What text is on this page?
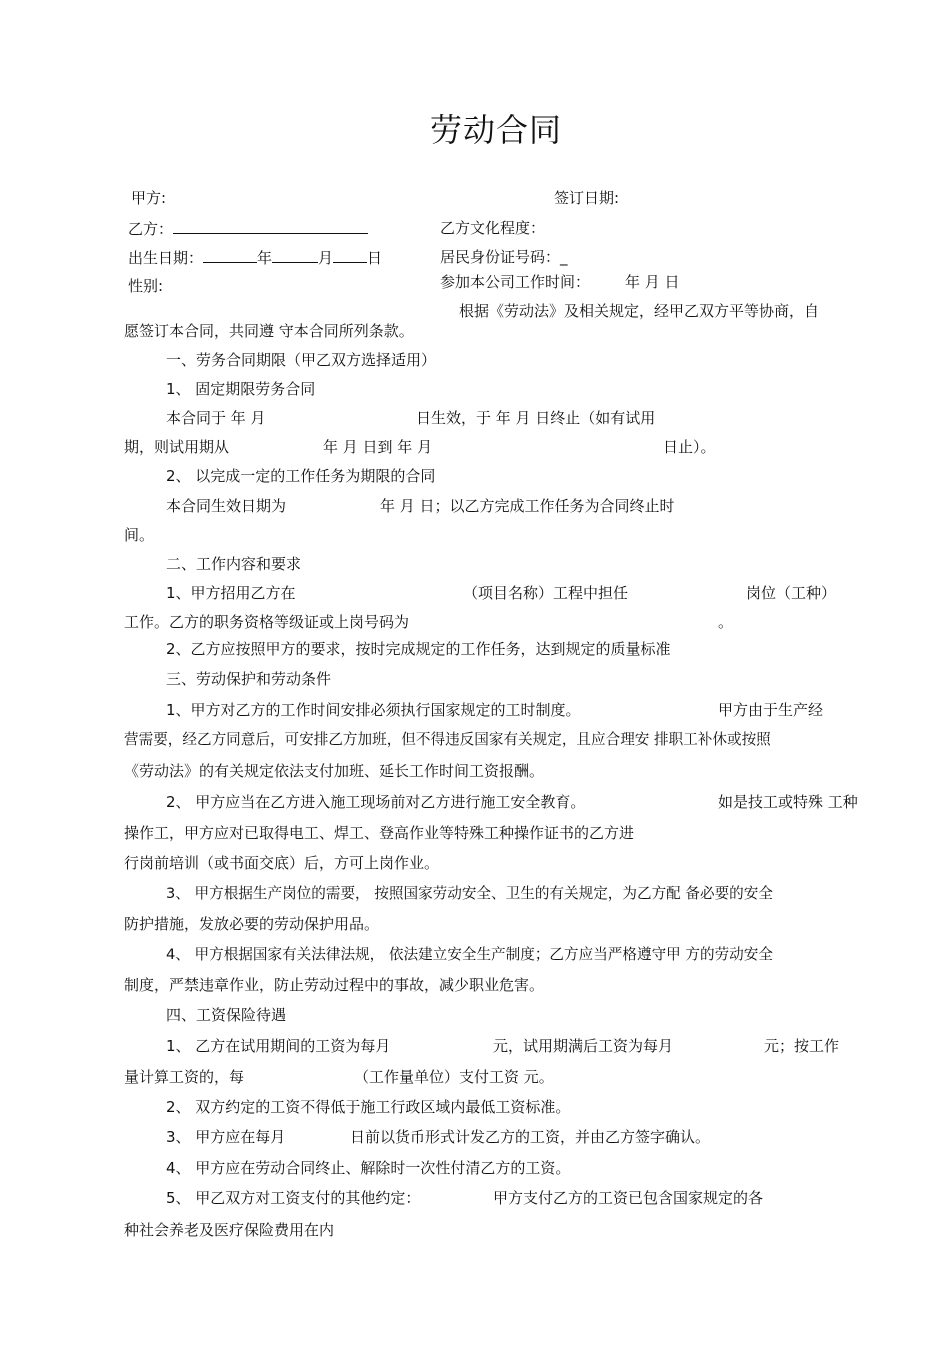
劳动合同
甲方:	签订日期:
乙方：	乙方文化程度：
出生日期：	年	月 日	居民身份证号码：_
性别:	参加本公司工作时间： 年 月 日
根据《劳动法》及相关规定，经甲乙双方平等协商，自
愿签订本合同，共同遵 守本合同所列条款。
一、劳务合同期限（甲乙双方选择适用）
1、 固定期限劳务合同
本合同于 年 月	日生效，于 年 月 日终止（如有试用
期，则试用期从	年 月 日到 年 月	日止）。
2、 以完成一定的工作任务为期限的合同
本合同生效日期为	年 月 日；以乙方完成工作任务为合同终止时
间。
二、工作内容和要求
1、甲方招用乙方在	（项目名称）工程中担任	岗位（工种）
工作。乙方的职务资格等级证或上岗号码为	。
2、乙方应按照甲方的要求，按时完成规定的工作任务，达到规定的质量标准
三、劳动保护和劳动条件
1、甲方对乙方的工作时间安排必须执行国家规定的工时制度。	甲方由于生产经
营需要，经乙方同意后，可安排乙方加班，但不得违反国家有关规定，且应合理安 排职工补休或按照
《劳动法》的有关规定依法支付加班、延长工作时间工资报酬。
2、 甲方应当在乙方进入施工现场前对乙方进行施工安全教育。	如是技工或特殊 工种
操作工，甲方应对已取得电工、焊工、登高作业等特殊工种操作证书的乙方进
行岗前培训（或书面交底）后，方可上岗作业。
3、 甲方根据生产岗位的需要， 按照国家劳动安全、卫生的有关规定，为乙方配 备必要的安全
防护措施，发放必要的劳动保护用品。
4、 甲方根据国家有关法律法规， 依法建立安全生产制度；乙方应当严格遵守甲 方的劳动安全
制度，严禁违章作业，防止劳动过程中的事故，减少职业危害。
四、工资保险待遇
1、 乙方在试用期间的工资为每月	元，试用期满后工资为每月	元；按工作
量计算工资的，每	（工作量单位）支付工资 元。
2、 双方约定的工资不得低于施工行政区域内最低工资标准。
3、 甲方应在每月	日前以货币形式计发乙方的工资，并由乙方签字确认。
4、 甲方应在劳动合同终止、解除时一次性付清乙方的工资。
5、 甲乙双方对工资支付的其他约定：	甲方支付乙方的工资已包含国家规定的各
种社会养老及医疗保险费用在内
